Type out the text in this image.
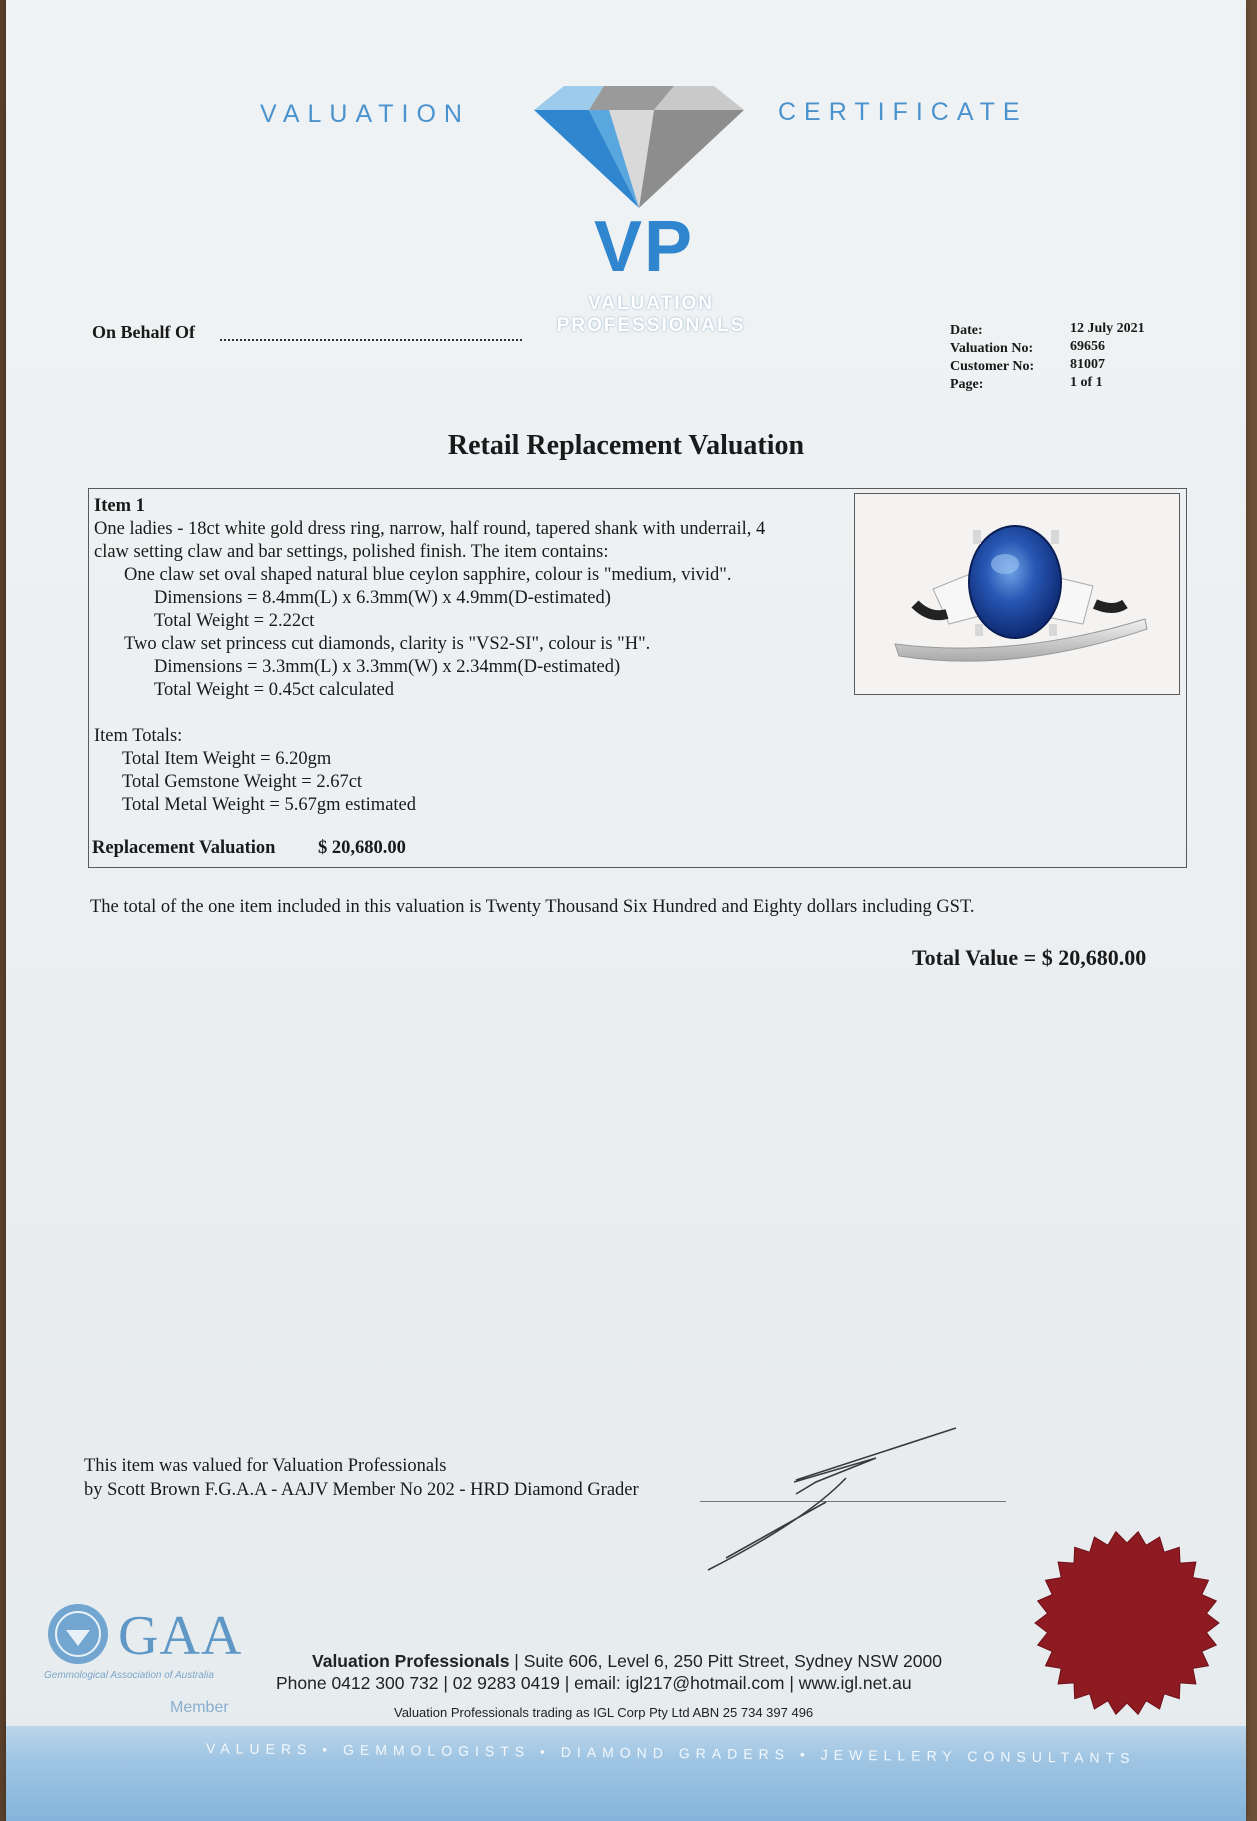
VALUATION	CERTIFICATE
VP
VALUATION
PROFESSIONALS
On Behalf Of	Date:
Valuation No:
Customer No:
Page:
12 July 2021
69656
81007
1 of 1
Retail Replacement Valuation
Item 1
One ladies - 18ct white gold dress ring, narrow, half round, tapered shank with underrail, 4
claw setting claw and bar settings, polished finish. The item contains:
One claw set oval shaped natural blue ceylon sapphire, colour is "medium, vivid".
Dimensions = 8.4mm(L) x 6.3mm(W) x 4.9mm(D-estimated)
Total Weight = 2.22ct
Two claw set princess cut diamonds, clarity is "VS2-SI", colour is "H".
Dimensions = 3.3mm(L) x 3.3mm(W) x 2.34mm(D-estimated)
Total Weight = 0.45ct calculated
Item Totals:
Total Item Weight = 6.20gm
Total Gemstone Weight = 2.67ct
Total Metal Weight = 5.67gm estimated
Replacement Valuation $ 20,680.00
The total of the one item included in this valuation is Twenty Thousand Six Hundred and Eighty dollars including GST.
Total Value = $ 20,680.00
This item was valued for Valuation Professionals
by Scott Brown F.G.A.A - AAJV Member No 202 - HRD Diamond Grader
GAA
Gemmological Association of Australia
Member
Valuation Professionals | Suite 606, Level 6, 250 Pitt Street, Sydney NSW 2000
Phone 0412 300 732 | 02 9283 0419 | email: igl217@hotmail.com | www.igl.net.au
Valuation Professionals trading as IGL Corp Pty Ltd ABN 25 734 397 496
VALUERS • GEMMOLOGISTS • DIAMOND GRADERS • JEWELLERY CONSULTANTS
